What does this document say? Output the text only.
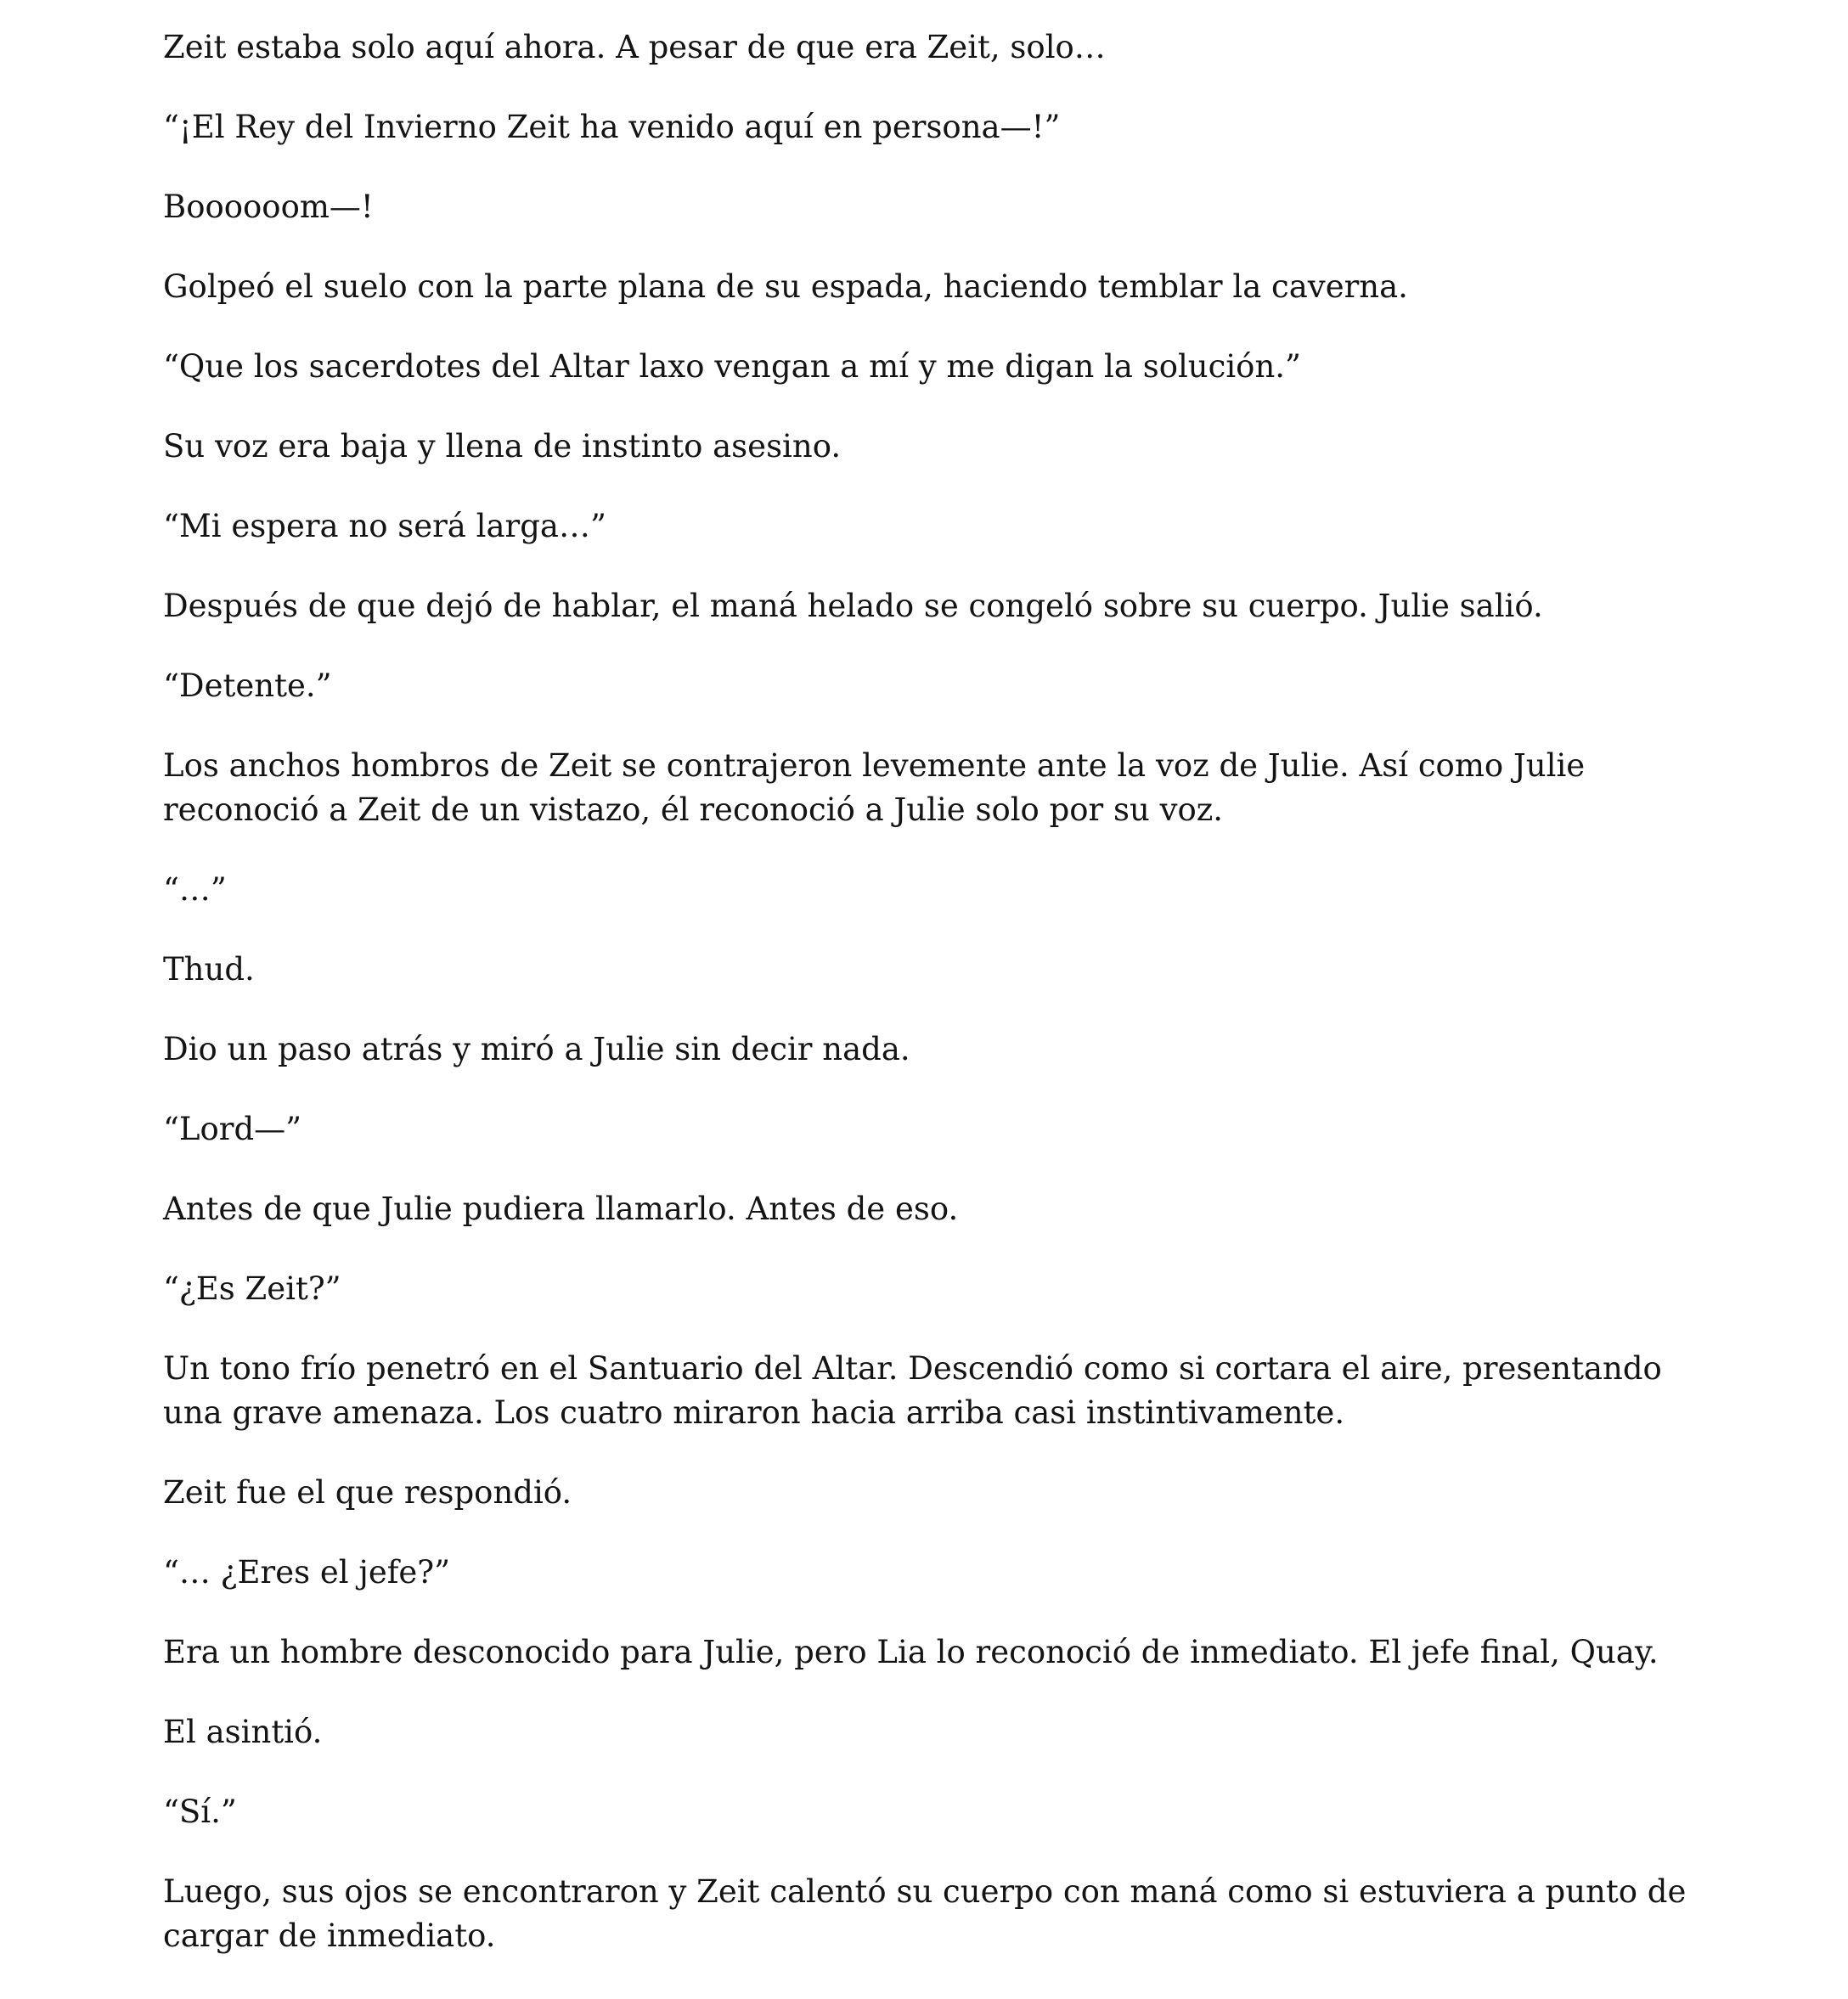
Zeit estaba solo aquí ahora. A pesar de que era Zeit, solo…

“¡El Rey del Invierno Zeit ha venido aquí en persona—!”

Boooooom—!

Golpeó el suelo con la parte plana de su espada, haciendo temblar la caverna.

“Que los sacerdotes del Altar laxo vengan a mí y me digan la solución.”

Su voz era baja y llena de instinto asesino.

“Mi espera no será larga…”

Después de que dejó de hablar, el maná helado se congeló sobre su cuerpo. Julie salió.

“Detente.”

Los anchos hombros de Zeit se contrajeron levemente ante la voz de Julie. Así como Julie reconoció a Zeit de un vistazo, él reconoció a Julie solo por su voz.

“…”

Thud.

Dio un paso atrás y miró a Julie sin decir nada.

“Lord—”

Antes de que Julie pudiera llamarlo. Antes de eso.

“¿Es Zeit?”

Un tono frío penetró en el Santuario del Altar. Descendió como si cortara el aire, presentando una grave amenaza. Los cuatro miraron hacia arriba casi instintivamente.

Zeit fue el que respondió.

“… ¿Eres el jefe?”

Era un hombre desconocido para Julie, pero Lia lo reconoció de inmediato. El jefe final, Quay.

El asintió.

“Sí.”

Luego, sus ojos se encontraron y Zeit calentó su cuerpo con maná como si estuviera a punto de cargar de inmediato.
